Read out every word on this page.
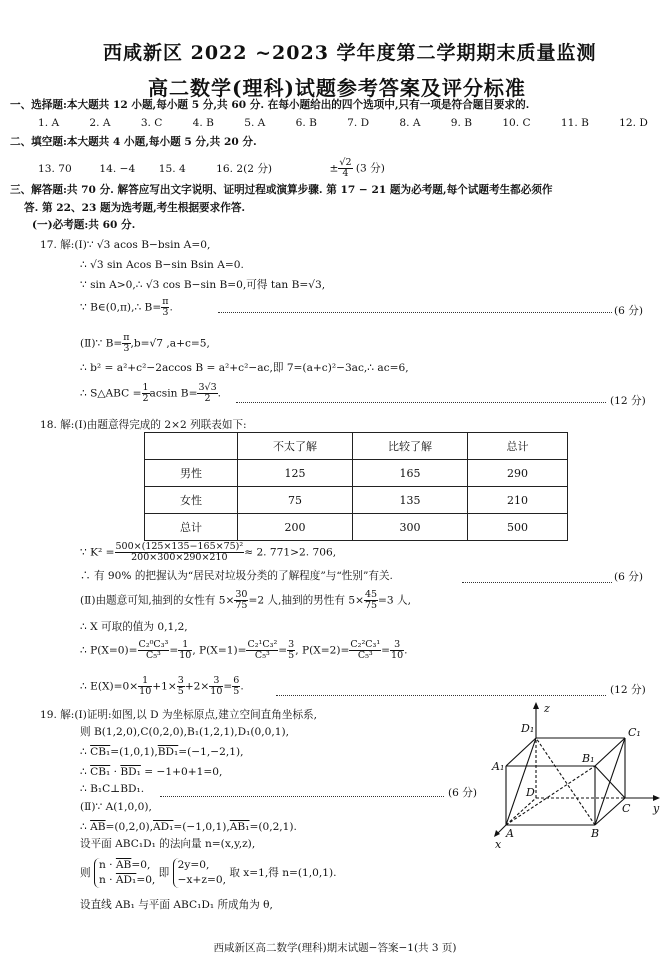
西咸新区 2022 ~2023 学年度第二学期期末质量监测
高二数学(理科)试题参考答案及评分标准
一、选择题:本大题共 12 小题,每小题 5 分,共 60 分. 在每小题给出的四个选项中,只有一项是符合题目要求的.
1. A	2. A	3. C	4. B	5. A	6. B	7. D	8. A	9. B	10. C	11. B	12. D
二、填空题:本大题共 4 小题,每小题 5 分,共 20 分.
13. 70	14. −4 15. 4	16. 2(2 分)	± $\frac{√2}{4} (3$ 分)
三、解答题:共 70 分. 解答应写出文字说明、证明过程或演算步骤. 第 17 − 21 题为必考题,每个试题考生都必须作
答. 第 22、23 题为选考题,考生根据要求作答.
(一)必考题:共 60 分.
17. 解:(Ⅰ)∵ √3 acos B−bsin A=0,
∴ √3 sin Acos B−sin Bsin A=0.
∵ sin A>0,∴ √3 cos B−sin B=0,可得 tan B=√3,
∵ B∈(0,π),∴ $B= \frac{\pi}{3}$ .	(6 分)
(Ⅱ)∵ $B= \frac{\pi}{3} ,b=√7$ ,a+c=5,
∴ b² = a²+c²−2accos B = a²+c²−ac,即 7=(a+c)²−3ac,∴ ac=6,
∴ S△ABC = $\frac{1}{2}$ acsin $B= \frac{3√3}{2}$ .
(12 分)
18. 解:(Ⅰ)由题意得完成的 2×2 列联表如下:
	不太了解	比较了解	总计
男性	125	165	290
女性	75	135	210
总计	200	300	500
∵ $K^2 = \frac{\text{500×(125×135−165×75)²}}{200\times 300\times 290\times 210} \approx 2$. 771>2. 706,
∴ 有 90% 的把握认为“居民对垃圾分类的了解程度”与“性别”有关.	(6 分)
(Ⅱ)由题意可知,抽到的女性有 $5\times \frac{30}{75} =2$ 人,抽到的男性有 $5\times \frac{45}{75} =3$ 人,
∴ X 可取的值为 0,1,2,
∴ $P(X=0)= \frac{\text{C₂⁰C₃³}}{\text{C₅³}} = \frac{1}{10}$ , $P(X=1)= \frac{\text{C₂¹C₃²}}{\text{C₅³}} = \frac{3}{5}$ , $P(X=2)= \frac{\text{C₂²C₃¹}}{\text{C₅³}} = \frac{3}{10}$ .
∴ $E(X)=0\times \frac{1}{10} +1\times \frac{3}{5} +2\times \frac{3}{10} = \frac{6}{5}$ .	(12 分)
19. 解:(Ⅰ)证明:如图,以 D 为坐标原点,建立空间直角坐标系,
则 B(1,2,0),C(0,2,0),B₁(1,2,1),D₁(0,0,1),
∴ CB₁=(1,0,1),BD₁=(−1,−2,1),
∴ CB₁ · BD₁ = −1+0+1=0,
∴ B₁C⊥BD₁.	(6 分)
(Ⅱ)∵ A(1,0,0),
∴ $\overline{AB}=(0,2,0),AD_1=(-1,0,1),AB_1=(0,2,1)$.
设平面 ABC₁D₁ 的法向量 n=(x,y,z),
则
$n \cdot \overline{AB}=0$,
n · AD₁=0,
即
2y=0,
−x+z=0,
取 x=1,得 n=(1,0,1).
设直线 AB₁ 与平面 ABC₁D₁ 所成角为 θ,
z
y
x
D₁	C₁
B₁
A₁
D
C
A	B
西咸新区高二数学(理科)期末试题−答案−1(共 3 页)
